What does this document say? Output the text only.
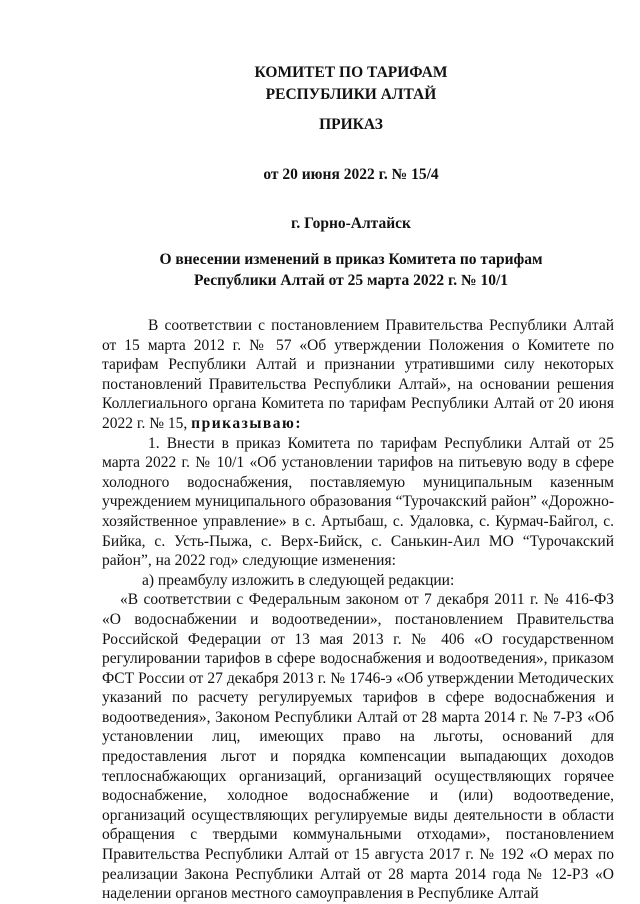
КОМИТЕТ ПО ТАРИФАМ
РЕСПУБЛИКИ АЛТАЙ
ПРИКАЗ
от 20 июня 2022 г. № 15/4
г. Горно-Алтайск
О внесении изменений в приказ Комитета по тарифам
Республики Алтай от 25 марта 2022 г. № 10/1

В соответствии с постановлением Правительства Республики Алтай от 15 марта 2012 г. № 57 «Об утверждении Положения о Комитете по тарифам Республики Алтай и признании утратившими силу некоторых постановлений Правительства Республики Алтай», на основании решения Коллегиального органа Комитета по тарифам Республики Алтай от 20 июня 2022 г. № 15, приказываю:

1. Внести в приказ Комитета по тарифам Республики Алтай от 25 марта 2022 г. № 10/1 «Об установлении тарифов на питьевую воду в сфере холодного водоснабжения, поставляемую муниципальным казенным учреждением муниципального образования “Турочакский район” «Дорожно-хозяйственное управление» в с. Артыбаш, с. Удаловка, с. Курмач-Байгол, с. Бийка, с. Усть-Пыжа, с. Верх-Бийск, с. Санькин-Аил МО “Турочакский район”, на 2022 год» следующие изменения:

а) преамбулу изложить в следующей редакции:

«В соответствии с Федеральным законом от 7 декабря 2011 г. № 416-ФЗ «О водоснабжении и водоотведении», постановлением Правительства Российской Федерации от 13 мая 2013 г. № 406 «О государственном регулировании тарифов в сфере водоснабжения и водоотведения», приказом ФСТ России от 27 декабря 2013 г. № 1746-э «Об утверждении Методических указаний по расчету регулируемых тарифов в сфере водоснабжения и водоотведения», Законом Республики Алтай от 28 марта 2014 г. № 7-РЗ «Об установлении лиц, имеющих право на льготы, оснований для предоставления льгот и порядка компенсации выпадающих доходов теплоснабжающих организаций, организаций осуществляющих горячее водоснабжение, холодное водоснабжение и (или) водоотведение, организаций осуществляющих регулируемые виды деятельности в области обращения с твердыми коммунальными отходами», постановлением Правительства Республики Алтай от 15 августа 2017 г. № 192 «О мерах по реализации Закона Республики Алтай от 28 марта 2014 года № 12-РЗ «О наделении органов местного самоуправления в Республике Алтай
